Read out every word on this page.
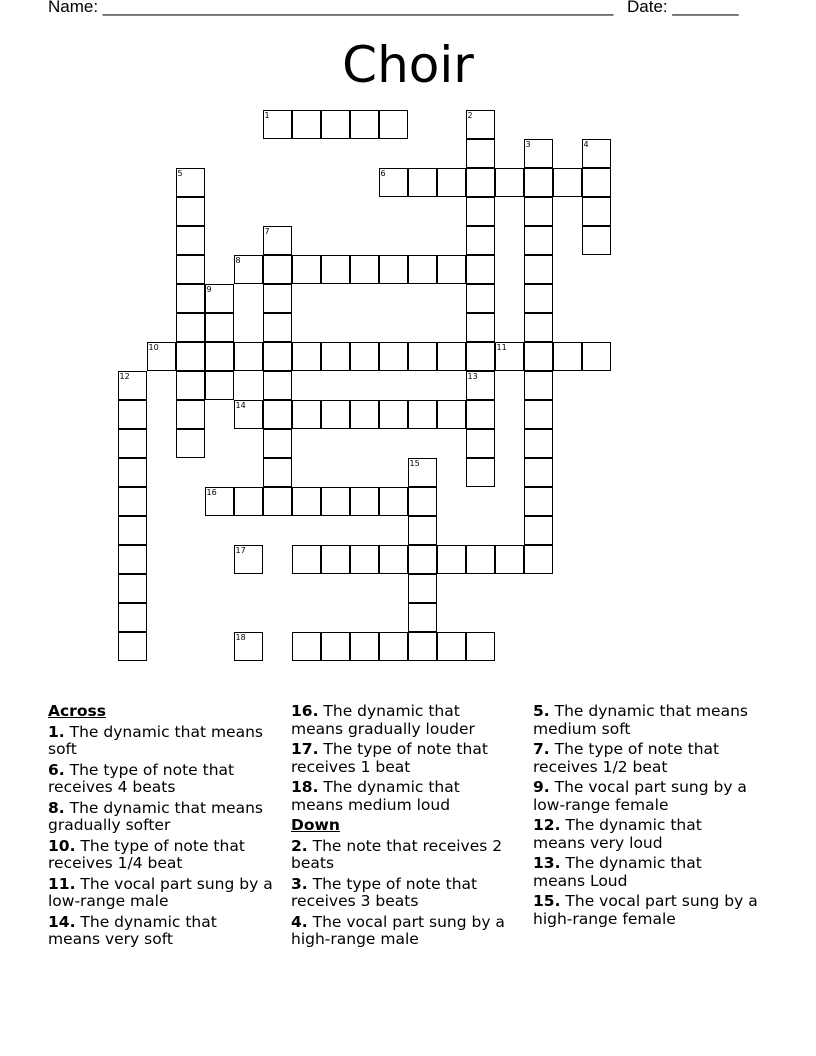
Name: ______________________________________________________ Date: _______
Choir
1	2
3	4
5	6
7
8
9
10	11
12	13
14
15
16
17
18
Across
1. The dynamic that means soft
6. The type of note that receives 4 beats
8. The dynamic that means gradually softer
10. The type of note that receives 1/4 beat
11. The vocal part sung by a low-range male
14. The dynamic that means very soft
16. The dynamic that means gradually louder
17. The type of note that receives 1 beat
18. The dynamic that means medium loud
Down
2. The note that receives 2 beats
3. The type of note that receives 3 beats
4. The vocal part sung by a high-range male
5. The dynamic that means medium soft
7. The type of note that receives 1/2 beat
9. The vocal part sung by a low-range female
12. The dynamic that means very loud
13. The dynamic that means Loud
15. The vocal part sung by a high-range female
